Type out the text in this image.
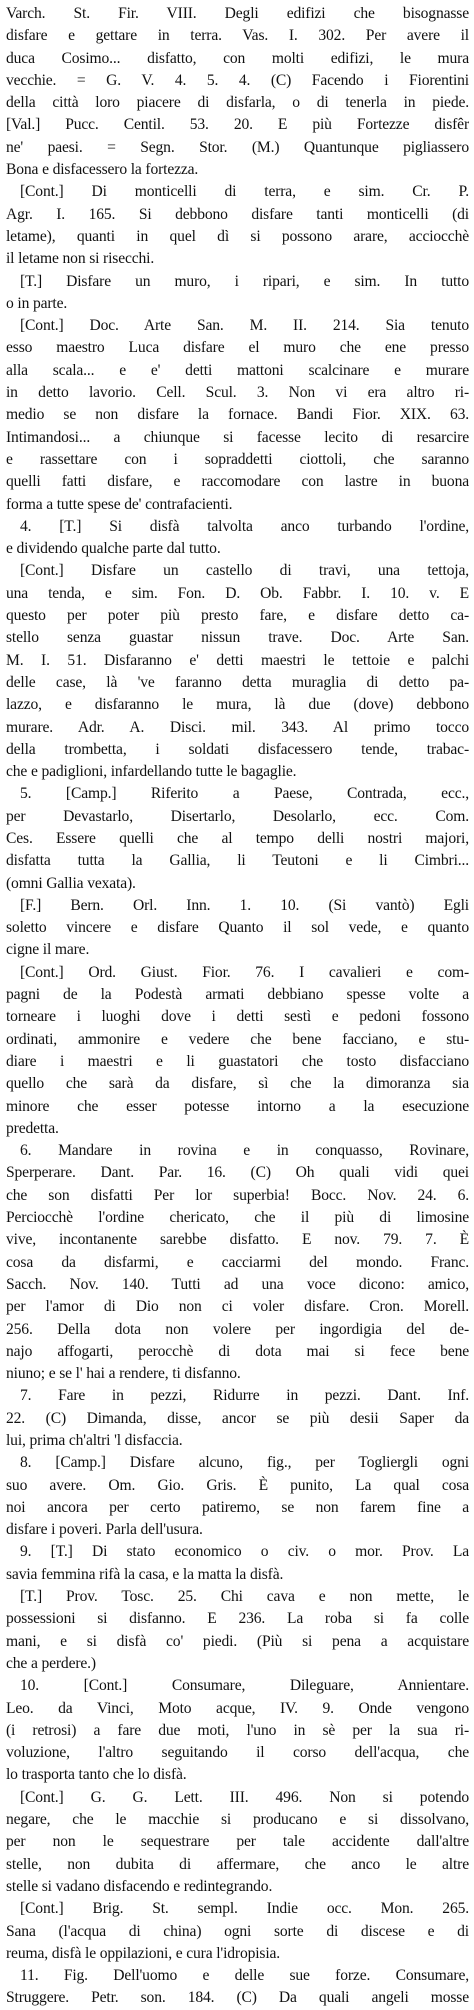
Varch. St. Fir. VIII. Degli edifizi che bisognasse
disfare e gettare in terra. Vas. I. 302. Per avere il
duca Cosimo... disfatto, con molti edifizi, le mura
vecchie. = G. V. 4. 5. 4. (C) Facendo i Fiorentini
della città loro piacere di disfarla, o di tenerla in piede.
[Val.] Pucc. Centil. 53. 20. E più Fortezze disfêr
ne' paesi. = Segn. Stor. (M.) Quantunque pigliassero
Bona e disfacessero la fortezza.
[Cont.] Di monticelli di terra, e sim. Cr. P.
Agr. I. 165. Si debbono disfare tanti monticelli (di
letame), quanti in quel dì si possono arare, acciocchè
il letame non si risecchi.
[T.] Disfare un muro, i ripari, e sim. In tutto
o in parte.
[Cont.] Doc. Arte San. M. II. 214. Sia tenuto
esso maestro Luca disfare el muro che ene presso
alla scala... e e' detti mattoni scalcinare e murare
in detto lavorio. Cell. Scul. 3. Non vi era altro ri-
medio se non disfare la fornace. Bandi Fior. XIX. 63.
Intimandosi... a chiunque si facesse lecito di resarcire
e rassettare con i sopraddetti ciottoli, che saranno
quelli fatti disfare, e raccomodare con lastre in buona
forma a tutte spese de' contrafacienti.
4. [T.] Si disfà talvolta anco turbando l'ordine,
e dividendo qualche parte dal tutto.
[Cont.] Disfare un castello di travi, una tettoja,
una tenda, e sim. Fon. D. Ob. Fabbr. I. 10. v. E
questo per poter più presto fare, e disfare detto ca-
stello senza guastar nissun trave. Doc. Arte San.
M. I. 51. Disfaranno e' detti maestri le tettoie e palchi
delle case, là 've faranno detta muraglia di detto pa-
lazzo, e disfaranno le mura, là due (dove) debbono
murare. Adr. A. Disci. mil. 343. Al primo tocco
della trombetta, i soldati disfacessero tende, trabac-
che e padiglioni, infardellando tutte le bagaglie.
5. [Camp.] Riferito a Paese, Contrada, ecc.,
per Devastarlo, Disertarlo, Desolarlo, ecc. Com.
Ces. Essere quelli che al tempo delli nostri majori,
disfatta tutta la Gallia, li Teutoni e li Cimbri...
(omni Gallia vexata).
[F.] Bern. Orl. Inn. 1. 10. (Si vantò) Egli
soletto vincere e disfare Quanto il sol vede, e quanto
cigne il mare.
[Cont.] Ord. Giust. Fior. 76. I cavalieri e com-
pagni de la Podestà armati debbiano spesse volte a
torneare i luoghi dove i detti sestì e pedoni fossono
ordinati, ammonire e vedere che bene facciano, e stu-
diare i maestri e li guastatori che tosto disfacciano
quello che sarà da disfare, sì che la dimoranza sia
minore che esser potesse intorno a la esecuzione
predetta.
6. Mandare in rovina e in conquasso, Rovinare,
Sperperare. Dant. Par. 16. (C) Oh quali vidi quei
che son disfatti Per lor superbia! Bocc. Nov. 24. 6.
Perciocchè l'ordine chericato, che il più di limosine
vive, incontanente sarebbe disfatto. E nov. 79. 7. È
cosa da disfarmi, e cacciarmi del mondo. Franc.
Sacch. Nov. 140. Tutti ad una voce dicono: amico,
per l'amor di Dio non ci voler disfare. Cron. Morell.
256. Della dota non volere per ingordigia del de-
najo affogarti, perocchè di dota mai si fece bene
niuno; e se l' hai a rendere, ti disfanno.
7. Fare in pezzi, Ridurre in pezzi. Dant. Inf.
22. (C) Dimanda, disse, ancor se più desii Saper da
lui, prima ch'altri 'l disfaccia.
8. [Camp.] Disfare alcuno, fig., per Togliergli ogni
suo avere. Om. Gio. Gris. È punito, La qual cosa
noi ancora per certo patiremo, se non farem fine a
disfare i poveri. Parla dell'usura.
9. [T.] Di stato economico o civ. o mor. Prov. La
savia femmina rifà la casa, e la matta la disfà.
[T.] Prov. Tosc. 25. Chi cava e non mette, le
possessioni si disfanno. E 236. La roba si fa colle
mani, e si disfà co' piedi. (Più si pena a acquistare
che a perdere.)
10. [Cont.] Consumare, Dileguare, Annientare.
Leo. da Vinci, Moto acque, IV. 9. Onde vengono
(i retrosi) a fare due moti, l'uno in sè per la sua ri-
voluzione, l'altro seguitando il corso dell'acqua, che
lo trasporta tanto che lo disfà.
[Cont.] G. G. Lett. III. 496. Non si potendo
negare, che le macchie si producano e si dissolvano,
per non le sequestrare per tale accidente dall'altre
stelle, non dubita di affermare, che anco le altre
stelle si vadano disfacendo e redintegrando.
[Cont.] Brig. St. sempl. Indie occ. Mon. 265.
Sana (l'acqua di china) ogni sorte di discese e di
reuma, disfà le oppilazioni, e cura l'idropisia.
11. Fig. Dell'uomo e delle sue forze. Consumare,
Struggere. Petr. son. 184. (C) Da quali angeli mosse
